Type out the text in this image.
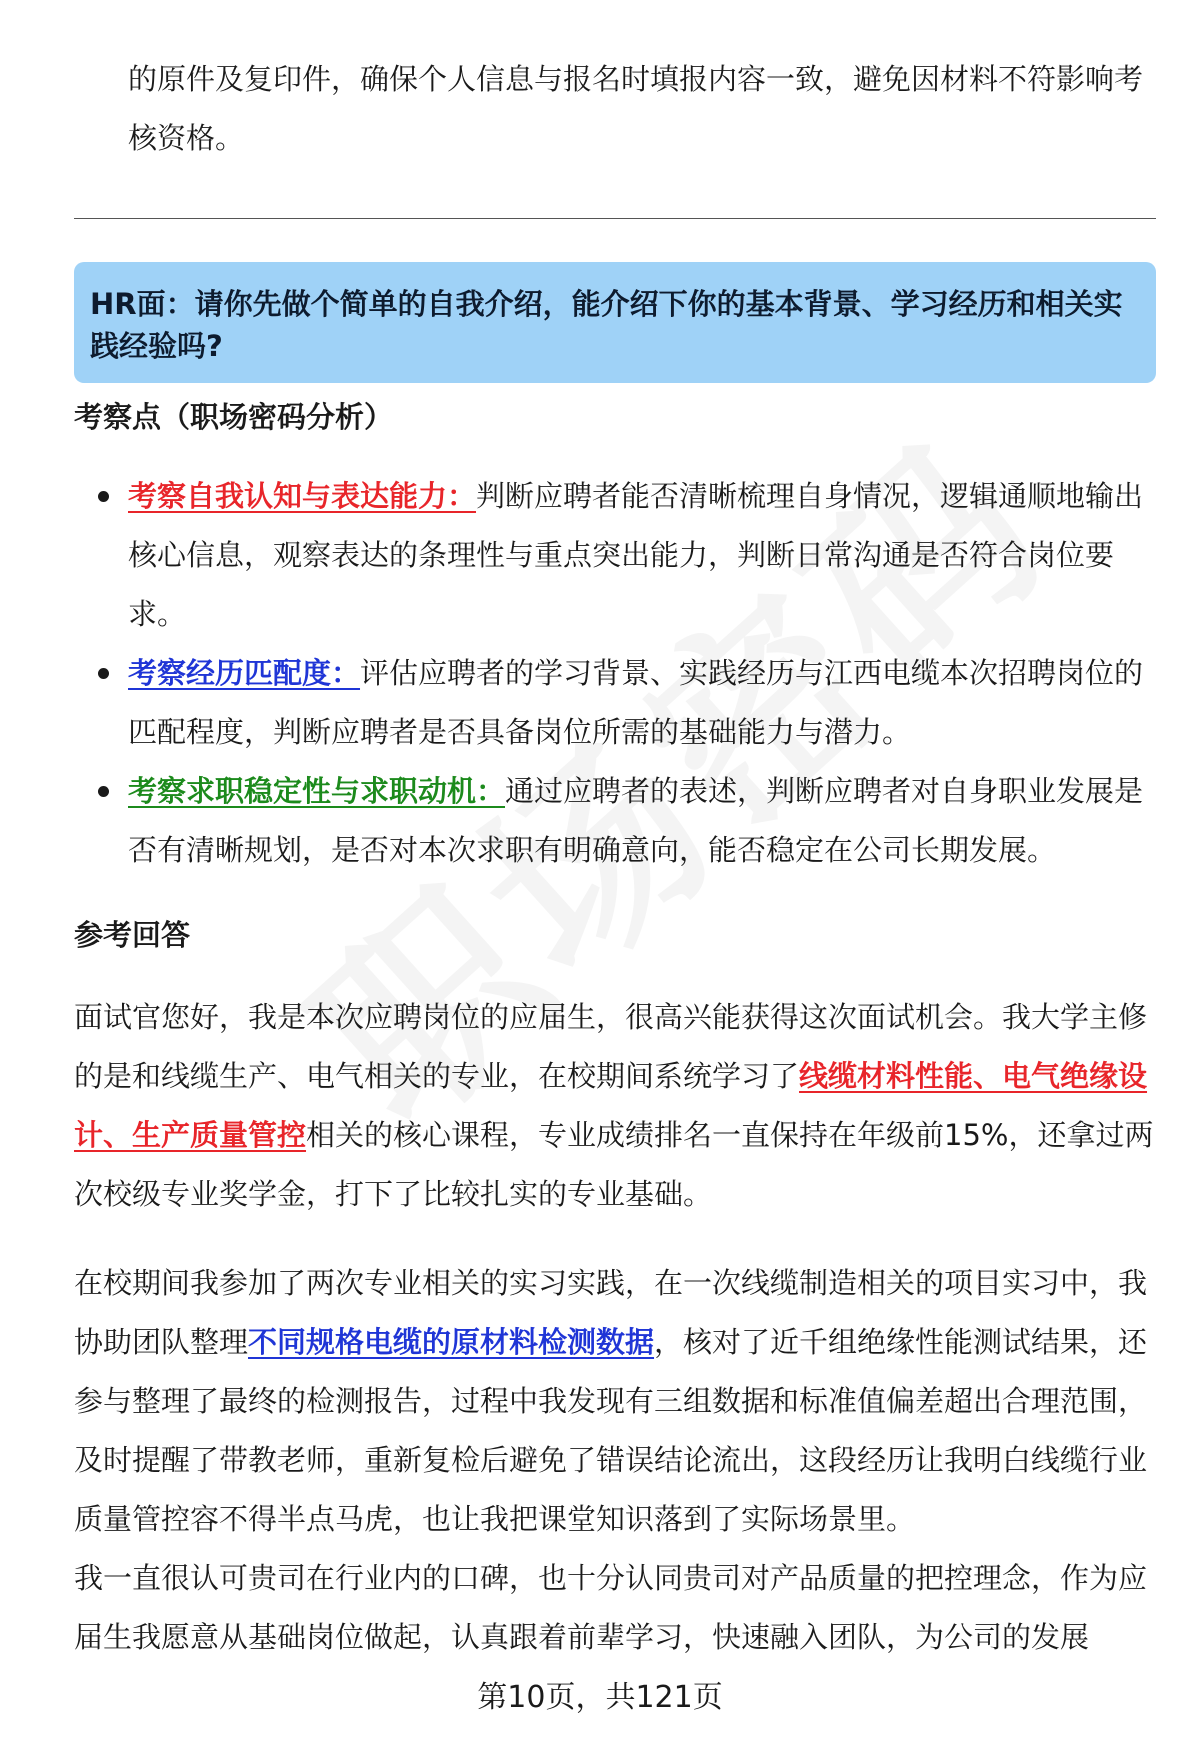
的原件及复印件，确保个人信息与报名时填报内容一致，避免因材料不符影响考核资格。
HR面：请你先做个简单的自我介绍，能介绍下你的基本背景、学习经历和相关实践经验吗?
考察点（职场密码分析）
考察自我认知与表达能力：判断应聘者能否清晰梳理自身情况，逻辑通顺地输出核心信息，观察表达的条理性与重点突出能力，判断日常沟通是否符合岗位要求。
考察经历匹配度：评估应聘者的学习背景、实践经历与江西电缆本次招聘岗位的匹配程度，判断应聘者是否具备岗位所需的基础能力与潜力。
考察求职稳定性与求职动机：通过应聘者的表述，判断应聘者对自身职业发展是否有清晰规划，是否对本次求职有明确意向，能否稳定在公司长期发展。
参考回答
面试官您好，我是本次应聘岗位的应届生，很高兴能获得这次面试机会。我大学主修的是和线缆生产、电气相关的专业，在校期间系统学习了线缆材料性能、电气绝缘设计、生产质量管控相关的核心课程，专业成绩排名一直保持在年级前15%，还拿过两次校级专业奖学金，打下了比较扎实的专业基础。
在校期间我参加了两次专业相关的实习实践，在一次线缆制造相关的项目实习中，我协助团队整理不同规格电缆的原材料检测数据，核对了近千组绝缘性能测试结果，还参与整理了最终的检测报告，过程中我发现有三组数据和标准值偏差超出合理范围，及时提醒了带教老师，重新复检后避免了错误结论流出，这段经历让我明白线缆行业质量管控容不得半点马虎，也让我把课堂知识落到了实际场景里。
我一直很认可贵司在行业内的口碑，也十分认同贵司对产品质量的把控理念，作为应届生我愿意从基础岗位做起，认真跟着前辈学习，快速融入团队，为公司的发展
第10页，共121页
